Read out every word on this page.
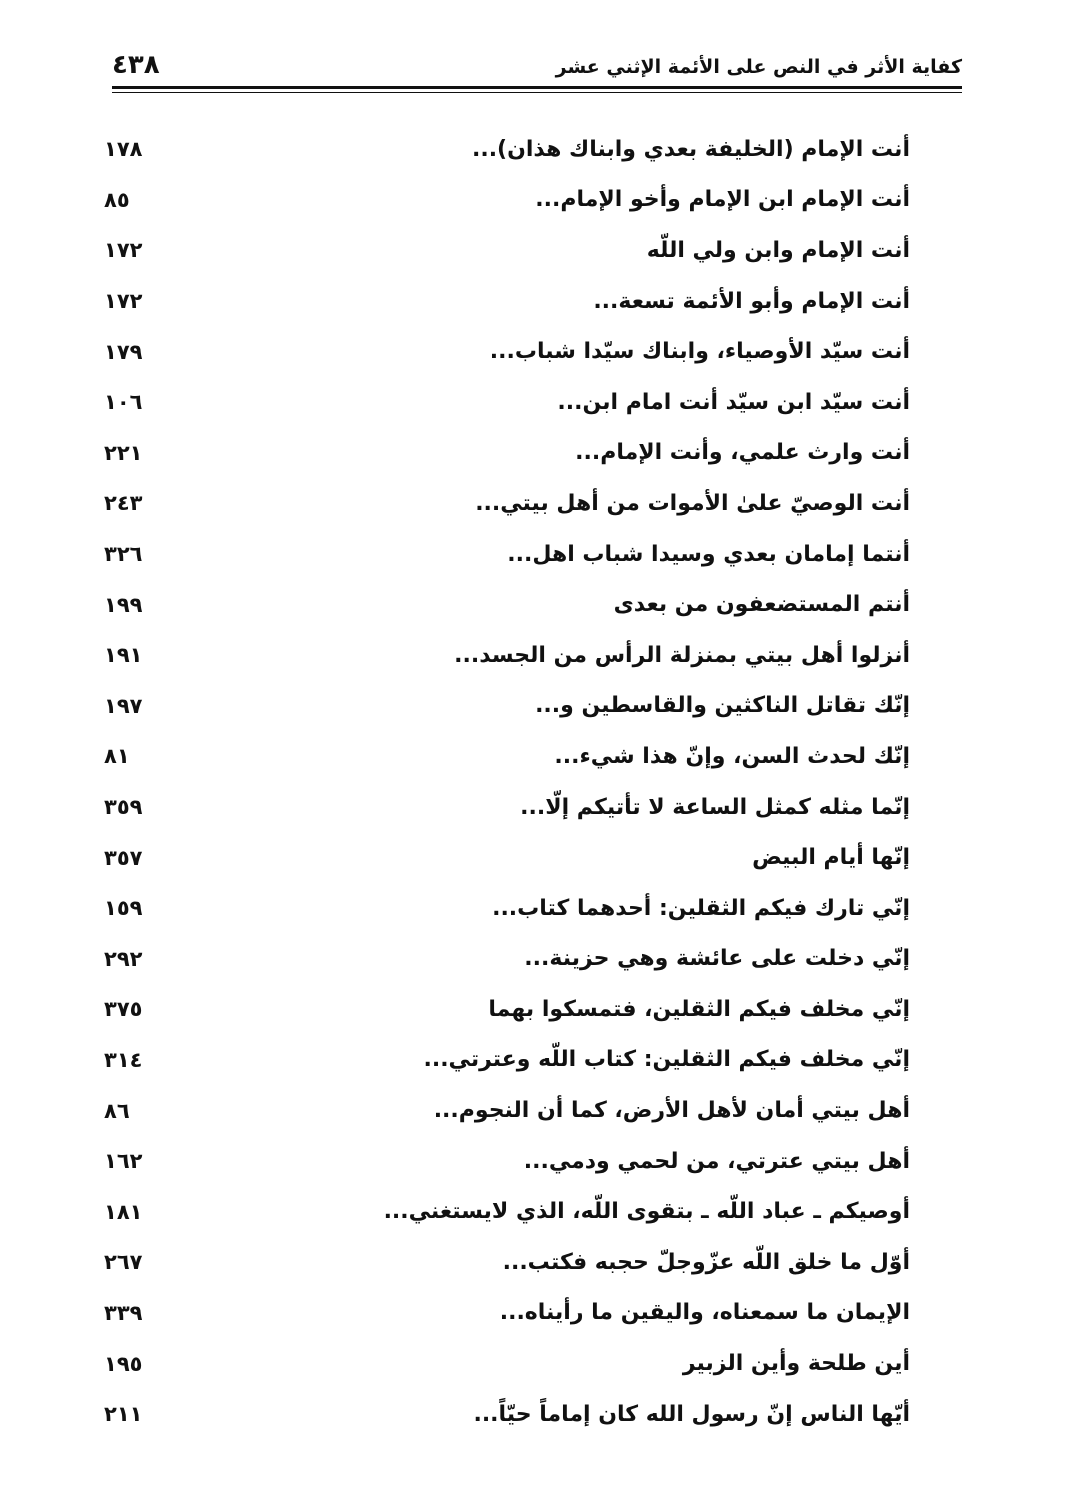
٤٣٨	كفاية الأثر في النص على الأئمة الإثني عشر
١٧٨	أنت الإمام (الخليفة بعدي وابناك هذان)...
٨٥	أنت الإمام ابن الإمام وأخو الإمام...
١٧٢	أنت الإمام وابن ولي اللّه
١٧٢	أنت الإمام وأبو الأئمة تسعة...
١٧٩	أنت سيّد الأوصياء، وابناك سيّدا شباب...
١٠٦	أنت سيّد ابن سيّد أنت امام ابن...
٢٢١	أنت وارث علمي، وأنت الإمام...
٢٤٣	أنت الوصيّ علىٰ الأموات من أهل بيتي...
٣٢٦	أنتما إمامان بعدي وسيدا شباب اهل...
١٩٩	أنتم المستضعفون من بعدى
١٩١	أنزلوا أهل بيتي بمنزلة الرأس من الجسد...
١٩٧	إنّك تقاتل الناكثين والقاسطين و...
٨١	إنّك لحدث السن، وإنّ هذا شيء...
٣٥٩	إنّما مثله كمثل الساعة لا تأتيكم إلّا...
٣٥٧	إنّها أيام البيض
١٥٩	إنّي تارك فيكم الثقلين: أحدهما كتاب...
٢٩٢	إنّي دخلت على عائشة وهي حزينة...
٣٧٥	إنّي مخلف فيكم الثقلين، فتمسكوا بهما
٣١٤	إنّي مخلف فيكم الثقلين: كتاب اللّه وعترتي...
٨٦	أهل بيتي أمان لأهل الأرض، كما أن النجوم...
١٦٢	أهل بيتي عترتي، من لحمي ودمي...
١٨١	أوصيكم ـ عباد اللّه ـ بتقوى اللّه، الذي لايستغني...
٢٦٧	أوّل ما خلق اللّه عزّوجلّ حجبه فكتب...
٣٣٩	الإيمان ما سمعناه، واليقين ما رأيناه...
١٩٥	أين طلحة وأين الزبير
٢١١	أيّها الناس إنّ رسول الله كان إماماً حيّاً...
